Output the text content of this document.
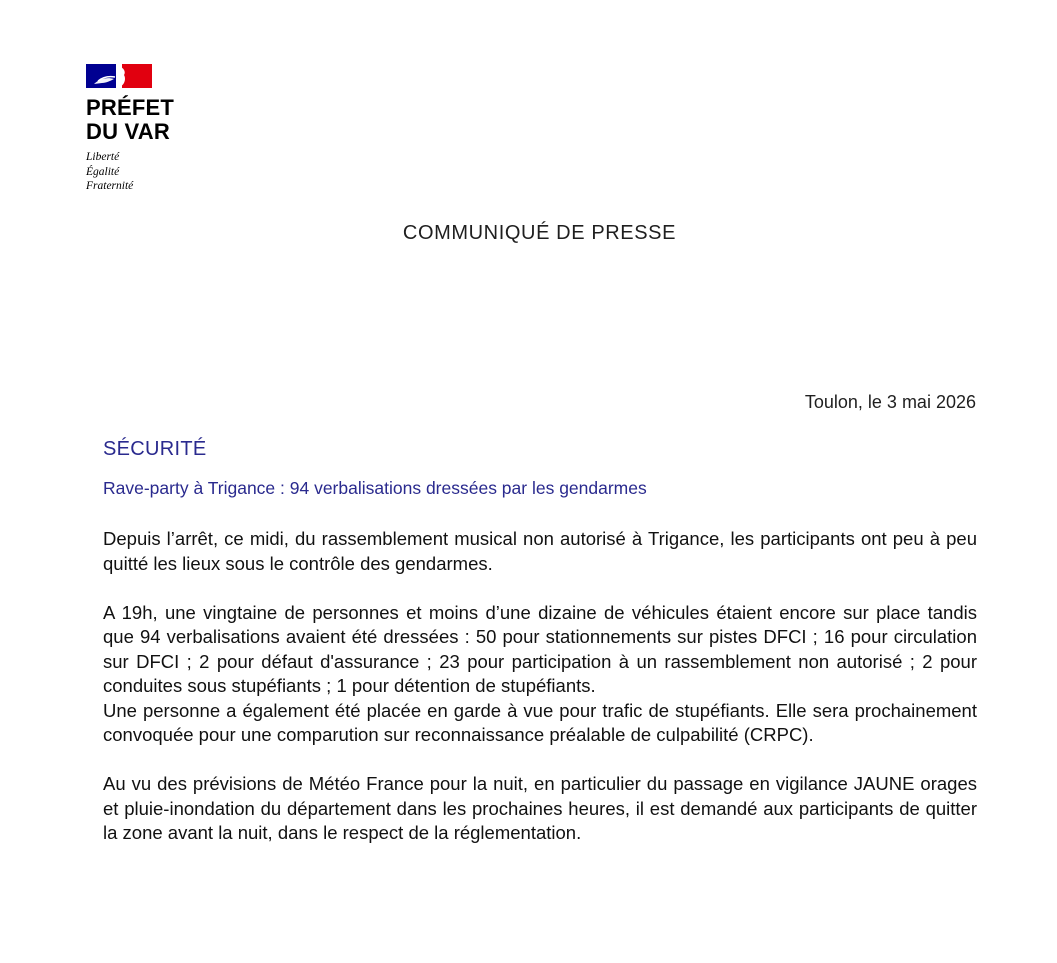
PRÉFET
DU VAR
Liberté
Égalité
Fraternité
COMMUNIQUÉ DE PRESSE
Toulon, le 3 mai 2026
SÉCURITÉ
Rave-party à Trigance : 94 verbalisations dressées par les gendarmes

Depuis l’arrêt, ce midi, du rassemblement musical non autorisé à Trigance, les participants ont peu à peu quitté les lieux sous le contrôle des gendarmes.

A 19h, une vingtaine de personnes et moins d’une dizaine de véhicules étaient encore sur place tandis que 94 verbalisations avaient été dressées : 50 pour stationnements sur pistes DFCI ; 16 pour circulation sur DFCI ; 2 pour défaut d'assurance ; 23 pour participation à un rassemblement non autorisé ; 2 pour conduites sous stupéfiants ; 1 pour détention de stupéfiants.

Une personne a également été placée en garde à vue pour trafic de stupéfiants. Elle sera prochainement convoquée pour une comparution sur reconnaissance préalable de culpabilité (CRPC).

Au vu des prévisions de Météo France pour la nuit, en particulier du passage en vigilance JAUNE orages et pluie-inondation du département dans les prochaines heures, il est demandé aux participants de quitter la zone avant la nuit, dans le respect de la réglementation.
